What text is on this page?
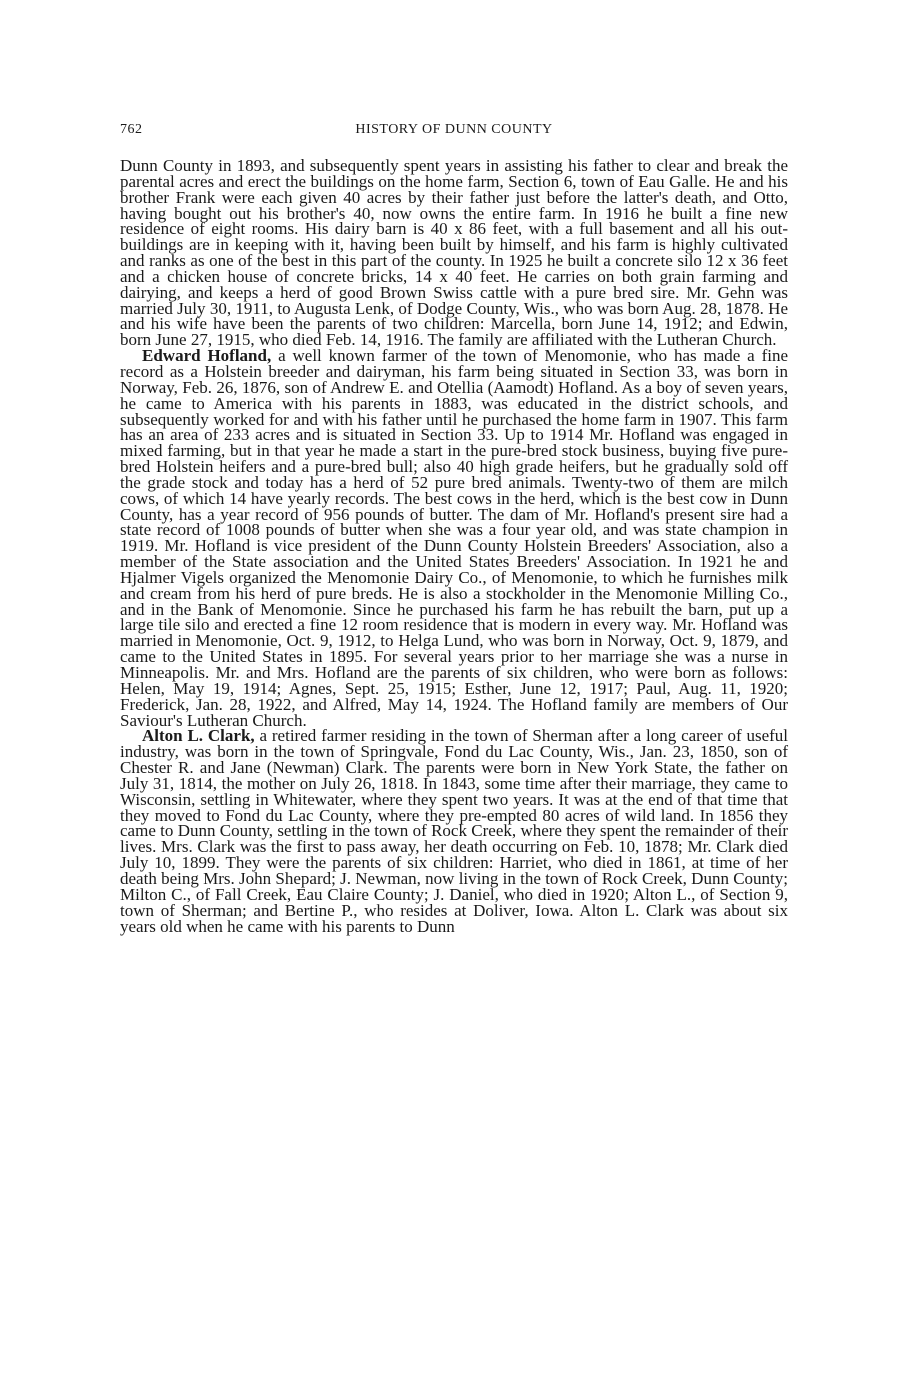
762	HISTORY OF DUNN COUNTY

Dunn County in 1893, and subsequently spent years in assisting his father to clear and break the parental acres and erect the buildings on the home farm, Section 6, town of Eau Galle. He and his brother Frank were each given 40 acres by their father just before the latter's death, and Otto, having bought out his brother's 40, now owns the entire farm. In 1916 he built a fine new residence of eight rooms. His dairy barn is 40 x 86 feet, with a full basement and all his out-buildings are in keeping with it, having been built by himself, and his farm is highly cultivated and ranks as one of the best in this part of the county. In 1925 he built a concrete silo 12 x 36 feet and a chicken house of concrete bricks, 14 x 40 feet. He carries on both grain farming and dairying, and keeps a herd of good Brown Swiss cattle with a pure bred sire. Mr. Gehn was married July 30, 1911, to Augusta Lenk, of Dodge County, Wis., who was born Aug. 28, 1878. He and his wife have been the parents of two children: Marcella, born June 14, 1912; and Edwin, born June 27, 1915, who died Feb. 14, 1916. The family are affiliated with the Lutheran Church.

Edward Hofland, a well known farmer of the town of Menomonie, who has made a fine record as a Holstein breeder and dairyman, his farm being situated in Section 33, was born in Norway, Feb. 26, 1876, son of Andrew E. and Otellia (Aamodt) Hofland. As a boy of seven years, he came to America with his parents in 1883, was educated in the district schools, and subsequently worked for and with his father until he purchased the home farm in 1907. This farm has an area of 233 acres and is situated in Section 33. Up to 1914 Mr. Hofland was engaged in mixed farming, but in that year he made a start in the pure-bred stock business, buying five pure-bred Holstein heifers and a pure-bred bull; also 40 high grade heifers, but he gradually sold off the grade stock and today has a herd of 52 pure bred animals. Twenty-two of them are milch cows, of which 14 have yearly records. The best cows in the herd, which is the best cow in Dunn County, has a year record of 956 pounds of butter. The dam of Mr. Hofland's present sire had a state record of 1008 pounds of butter when she was a four year old, and was state champion in 1919. Mr. Hofland is vice president of the Dunn County Holstein Breeders' Association, also a member of the State association and the United States Breeders' Association. In 1921 he and Hjalmer Vigels organized the Menomonie Dairy Co., of Menomonie, to which he furnishes milk and cream from his herd of pure breds. He is also a stockholder in the Menomonie Milling Co., and in the Bank of Menomonie. Since he purchased his farm he has rebuilt the barn, put up a large tile silo and erected a fine 12 room residence that is modern in every way. Mr. Hofland was married in Menomonie, Oct. 9, 1912, to Helga Lund, who was born in Norway, Oct. 9, 1879, and came to the United States in 1895. For several years prior to her marriage she was a nurse in Minneapolis. Mr. and Mrs. Hofland are the parents of six children, who were born as follows: Helen, May 19, 1914; Agnes, Sept. 25, 1915; Esther, June 12, 1917; Paul, Aug. 11, 1920; Frederick, Jan. 28, 1922, and Alfred, May 14, 1924. The Hofland family are members of Our Saviour's Lutheran Church.

Alton L. Clark, a retired farmer residing in the town of Sherman after a long career of useful industry, was born in the town of Springvale, Fond du Lac County, Wis., Jan. 23, 1850, son of Chester R. and Jane (Newman) Clark. The parents were born in New York State, the father on July 31, 1814, the mother on July 26, 1818. In 1843, some time after their marriage, they came to Wisconsin, settling in Whitewater, where they spent two years. It was at the end of that time that they moved to Fond du Lac County, where they pre-empted 80 acres of wild land. In 1856 they came to Dunn County, settling in the town of Rock Creek, where they spent the remainder of their lives. Mrs. Clark was the first to pass away, her death occurring on Feb. 10, 1878; Mr. Clark died July 10, 1899. They were the parents of six children: Harriet, who died in 1861, at time of her death being Mrs. John Shepard; J. Newman, now living in the town of Rock Creek, Dunn County; Milton C., of Fall Creek, Eau Claire County; J. Daniel, who died in 1920; Alton L., of Section 9, town of Sherman; and Bertine P., who resides at Doliver, Iowa. Alton L. Clark was about six years old when he came with his parents to Dunn
